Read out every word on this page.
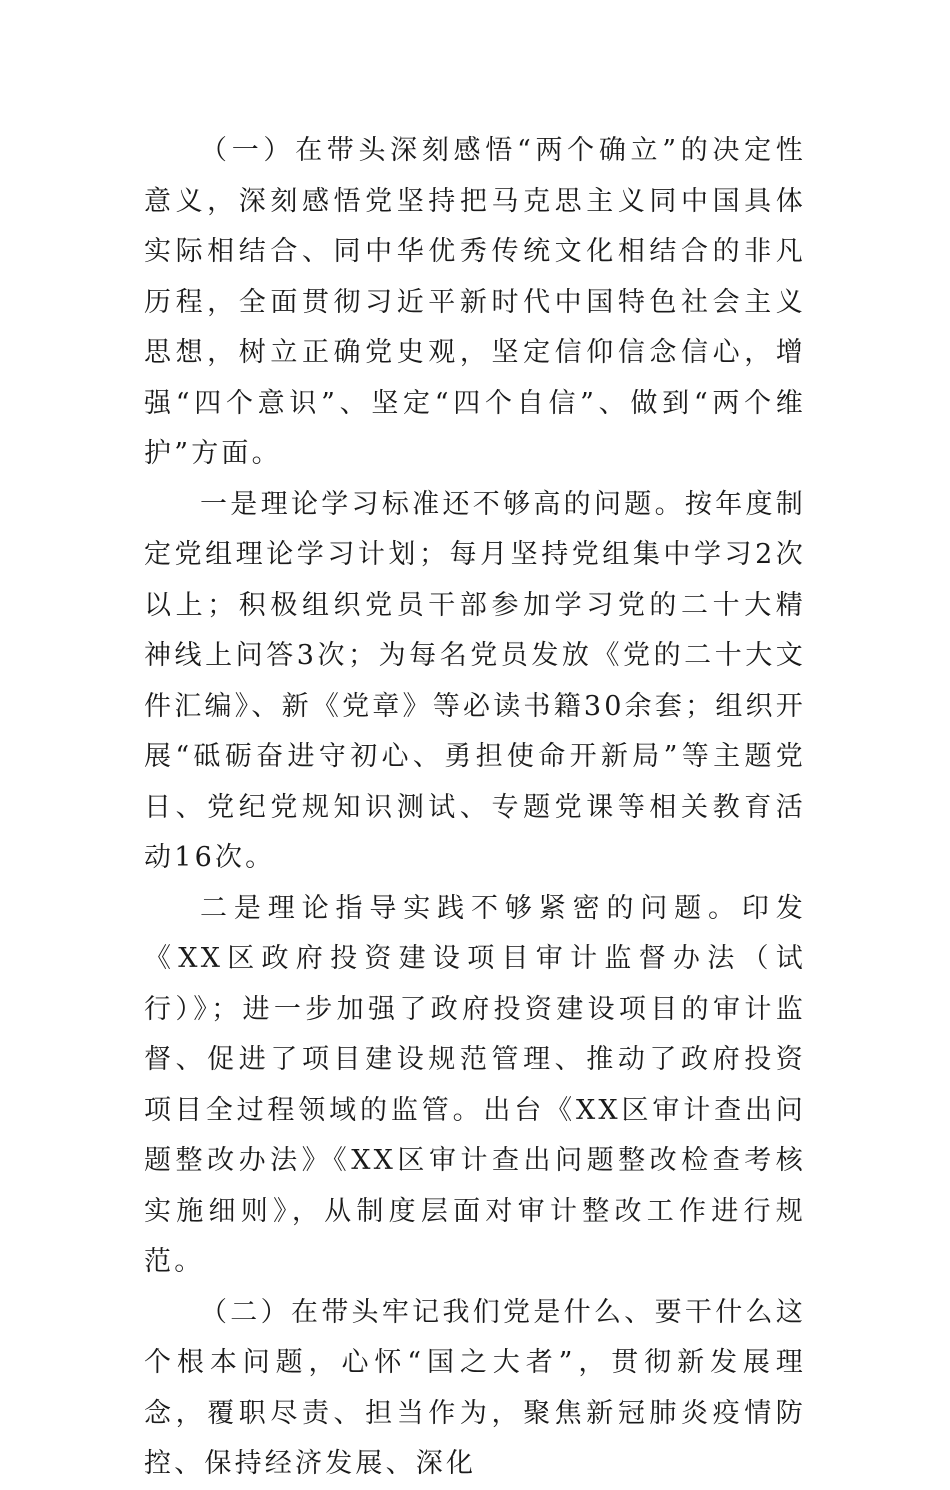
（一）在带头深刻感悟“两个确立”的决定性意义，深刻感悟党坚持把马克思主义同中国具体实际相结合、同中华优秀传统文化相结合的非凡历程，全面贯彻习近平新时代中国特色社会主义思想，树立正确党史观，坚定信仰信念信心，增强“四个意识”、坚定“四个自信”、做到“两个维护”方面。

一是理论学习标准还不够高的问题。按年度制定党组理论学习计划；每月坚持党组集中学习2次以上；积极组织党员干部参加学习党的二十大精神线上问答3次；为每名党员发放《党的二十大文件汇编》、新《党章》等必读书籍30余套；组织开展“砥砺奋进守初心、勇担使命开新局”等主题党日、党纪党规知识测试、专题党课等相关教育活动16次。

二是理论指导实践不够紧密的问题。印发《XX区政府投资建设项目审计监督办法（试行）》；进一步加强了政府投资建设项目的审计监督、促进了项目建设规范管理、推动了政府投资项目全过程领域的监管。出台《XX区审计查出问题整改办法》《XX区审计查出问题整改检查考核实施细则》，从制度层面对审计整改工作进行规范。

（二）在带头牢记我们党是什么、要干什么这个根本问题，心怀“国之大者”，贯彻新发展理念，覆职尽责、担当作为，聚焦新冠肺炎疫情防控、保持经济发展、深化
